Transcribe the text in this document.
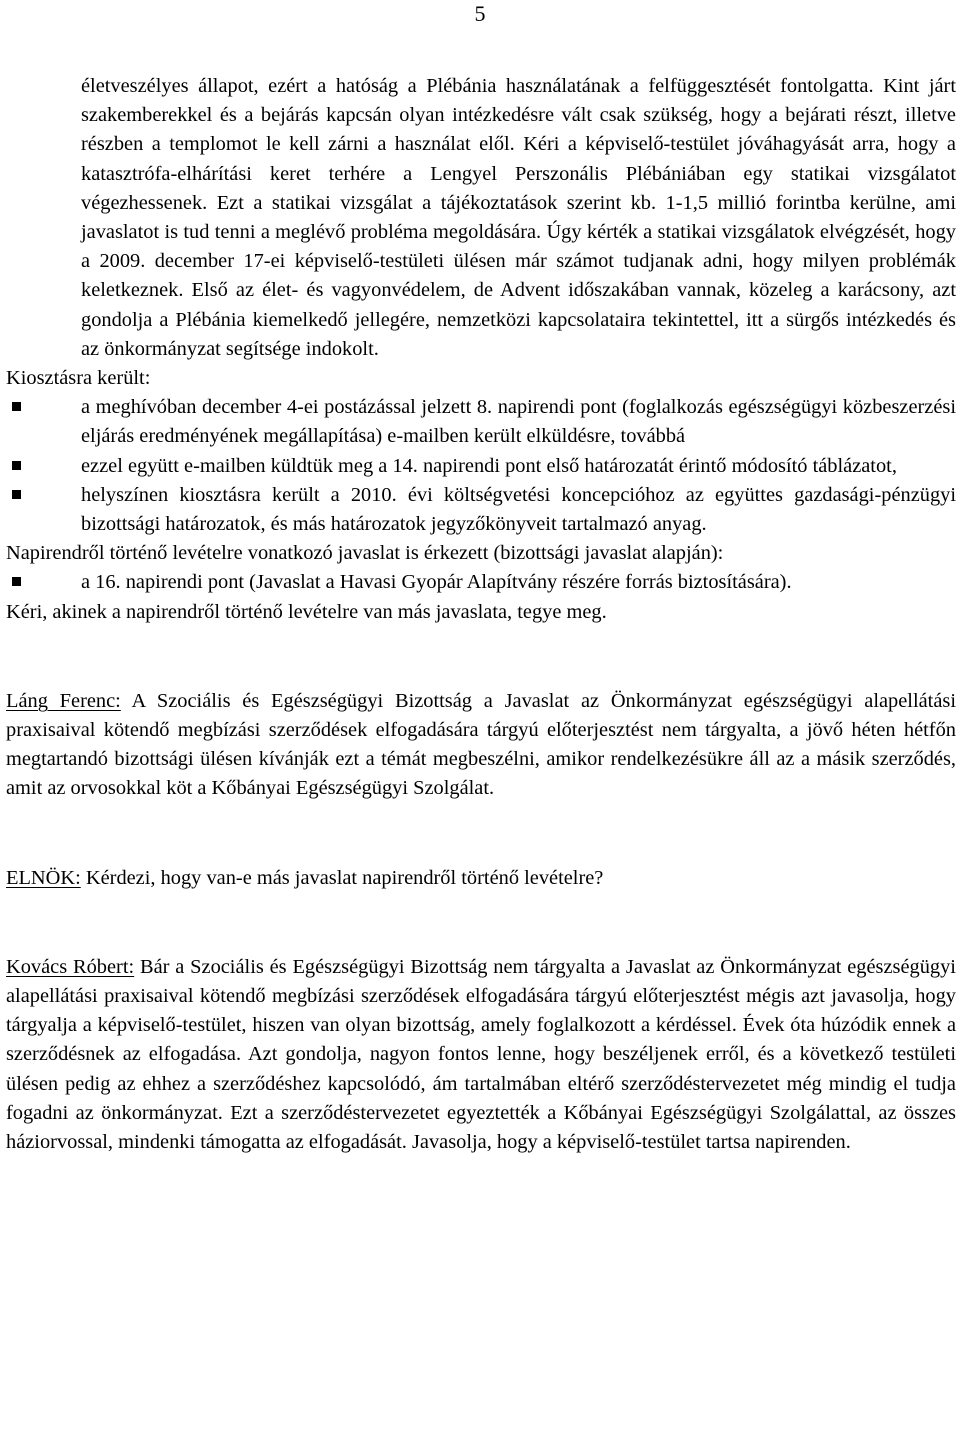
5

életveszélyes állapot, ezért a hatóság a Plébánia használatának a felfüggesztését fontolgatta. Kint járt szakemberekkel és a bejárás kapcsán olyan intézkedésre vált csak szükség, hogy a bejárati részt, illetve részben a templomot le kell zárni a használat elől. Kéri a képviselő-testület jóváhagyását arra, hogy a katasztrófa-elhárítási keret terhére a Lengyel Perszonális Plébániában egy statikai vizsgálatot végezhessenek. Ezt a statikai vizsgálat a tájékoztatások szerint kb. 1-1,5 millió forintba kerülne, ami javaslatot is tud tenni a meglévő probléma megoldására. Úgy kérték a statikai vizsgálatok elvégzését, hogy a 2009. december 17-ei képviselő-testületi ülésen már számot tudjanak adni, hogy milyen problémák keletkeznek. Első az élet- és vagyonvédelem, de Advent időszakában vannak, közeleg a karácsony, azt gondolja a Plébánia kiemelkedő jellegére, nemzetközi kapcsolataira tekintettel, itt a sürgős intézkedés és az önkormányzat segítsége indokolt.

Kiosztásra került:

a meghívóban december 4-ei postázással jelzett 8. napirendi pont (foglalkozás egészségügyi közbeszerzési eljárás eredményének megállapítása) e-mailben került elküldésre, továbbá

ezzel együtt e-mailben küldtük meg a 14. napirendi pont első határozatát érintő módosító táblázatot,

helyszínen kiosztásra került a 2010. évi költségvetési koncepcióhoz az együttes gazdasági-pénzügyi bizottsági határozatok, és más határozatok jegyzőkönyveit tartalmazó anyag.

Napirendről történő levételre vonatkozó javaslat is érkezett (bizottsági javaslat alapján):

a 16. napirendi pont (Javaslat a Havasi Gyopár Alapítvány részére forrás biztosítására).

Kéri, akinek a napirendről történő levételre van más javaslata, tegye meg.

Láng Ferenc: A Szociális és Egészségügyi Bizottság a Javaslat az Önkormányzat egészségügyi alapellátási praxisaival kötendő megbízási szerződések elfogadására tárgyú előterjesztést nem tárgyalta, a jövő héten hétfőn megtartandó bizottsági ülésen kívánják ezt a témát megbeszélni, amikor rendelkezésükre áll az a másik szerződés, amit az orvosokkal köt a Kőbányai Egészségügyi Szolgálat.

ELNÖK: Kérdezi, hogy van-e más javaslat napirendről történő levételre?

Kovács Róbert: Bár a Szociális és Egészségügyi Bizottság nem tárgyalta a Javaslat az Önkormányzat egészségügyi alapellátási praxisaival kötendő megbízási szerződések elfogadására tárgyú előterjesztést mégis azt javasolja, hogy tárgyalja a képviselő-testület, hiszen van olyan bizottság, amely foglalkozott a kérdéssel. Évek óta húzódik ennek a szerződésnek az elfogadása. Azt gondolja, nagyon fontos lenne, hogy beszéljenek erről, és a következő testületi ülésen pedig az ehhez a szerződéshez kapcsolódó, ám tartalmában eltérő szerződéstervezetet még mindig el tudja fogadni az önkormányzat. Ezt a szerződéstervezetet egyeztették a Kőbányai Egészségügyi Szolgálattal, az összes háziorvossal, mindenki támogatta az elfogadását. Javasolja, hogy a képviselő-testület tartsa napirenden.
